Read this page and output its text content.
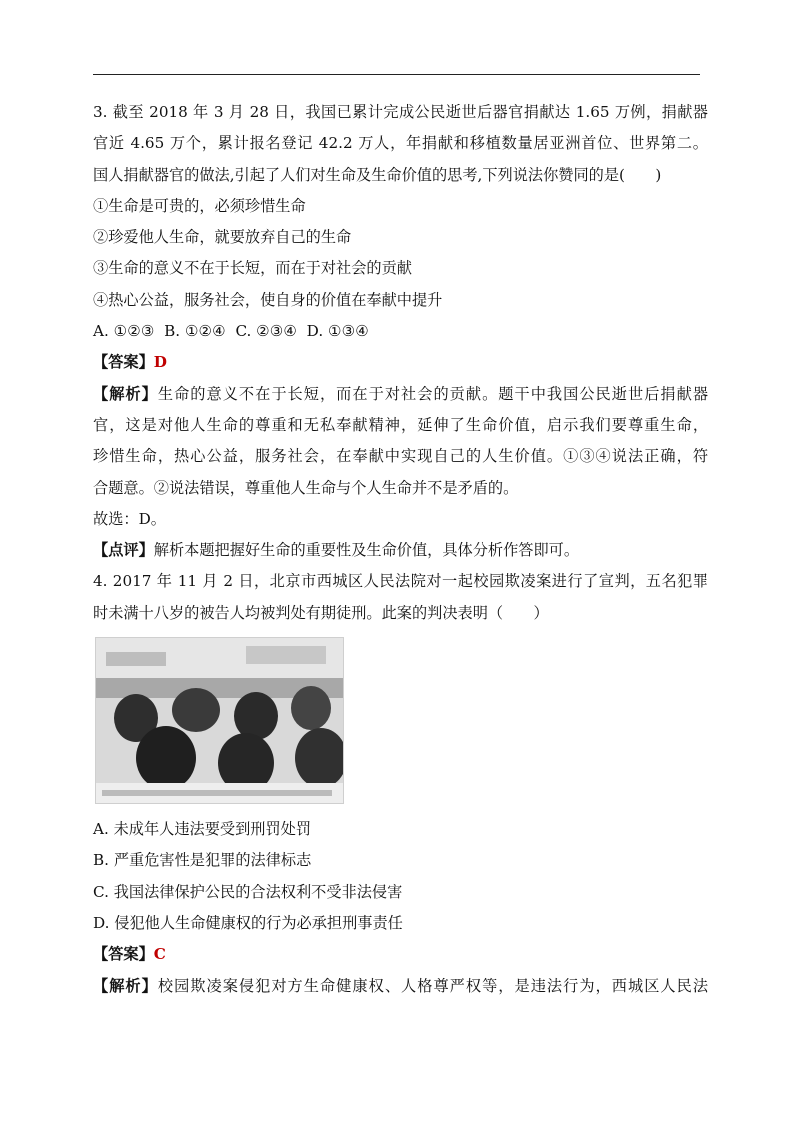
3. 截至 2018 年 3 月 28 日，我国已累计完成公民逝世后器官捐献达 1.65 万例，捐献器
官近 4.65 万个，累计报名登记 42.2 万人，年捐献和移植数量居亚洲首位、世界第二。
国人捐献器官的做法,引起了人们对生命及生命价值的思考,下列说法你赞同的是(　　)
①生命是可贵的，必须珍惜生命
②珍爱他人生命，就要放弃自己的生命
③生命的意义不在于长短，而在于对社会的贡献
④热心公益，服务社会，使自身的价值在奉献中提升
A. ①②③  B. ①②④  C. ②③④  D. ①③④
【答案】D
【解析】生命的意义不在于长短，而在于对社会的贡献。题干中我国公民逝世后捐献器
官，这是对他人生命的尊重和无私奉献精神，延伸了生命价值，启示我们要尊重生命，
珍惜生命，热心公益，服务社会，在奉献中实现自己的人生价值。①③④说法正确，符
合题意。②说法错误，尊重他人生命与个人生命并不是矛盾的。
故选：D。
【点评】解析本题把握好生命的重要性及生命价值，具体分析作答即可。
4. 2017 年 11 月 2 日，北京市西城区人民法院对一起校园欺凌案进行了宣判，五名犯罪
时未满十八岁的被告人均被判处有期徒刑。此案的判决表明（　　）
A. 未成年人违法要受到刑罚处罚
B. 严重危害性是犯罪的法律标志
C. 我国法律保护公民的合法权利不受非法侵害
D. 侵犯他人生命健康权的行为必承担刑事责任
【答案】C
【解析】校园欺凌案侵犯对方生命健康权、人格尊严权等，是违法行为，西城区人民法
